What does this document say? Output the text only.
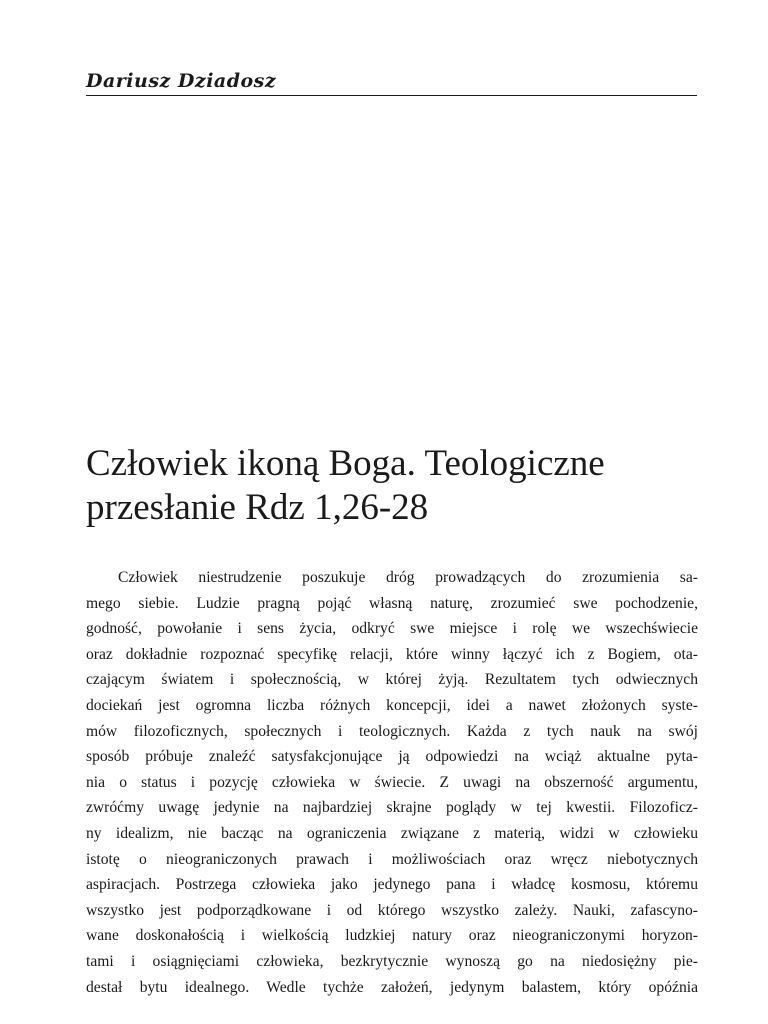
Dariusz Dziadosz
Człowiek ikoną Boga. Teologiczne
przesłanie Rdz 1,26-28
Człowiek niestrudzenie poszukuje dróg prowadzących do zrozumienia sa-
mego siebie. Ludzie pragną pojąć własną naturę, zrozumieć swe pochodzenie,
godność, powołanie i sens życia, odkryć swe miejsce i rolę we wszechświecie
oraz dokładnie rozpoznać specyfikę relacji, które winny łączyć ich z Bogiem, ota-
czającym światem i społecznością, w której żyją. Rezultatem tych odwiecznych
dociekań jest ogromna liczba różnych koncepcji, idei a nawet złożonych syste-
mów filozoficznych, społecznych i teologicznych. Każda z tych nauk na swój
sposób próbuje znaleźć satysfakcjonujące ją odpowiedzi na wciąż aktualne pyta-
nia o status i pozycję człowieka w świecie. Z uwagi na obszerność argumentu,
zwróćmy uwagę jedynie na najbardziej skrajne poglądy w tej kwestii. Filozoficz-
ny idealizm, nie bacząc na ograniczenia związane z materią, widzi w człowieku
istotę o nieograniczonych prawach i możliwościach oraz wręcz niebotycznych
aspiracjach. Postrzega człowieka jako jedynego pana i władcę kosmosu, któremu
wszystko jest podporządkowane i od którego wszystko zależy. Nauki, zafascyno-
wane doskonałością i wielkością ludzkiej natury oraz nieograniczonymi horyzon-
tami i osiągnięciami człowieka, bezkrytycznie wynoszą go na niedosiężny pie-
destał bytu idealnego. Wedle tychże założeń, jedynym balastem, który opóźnia
